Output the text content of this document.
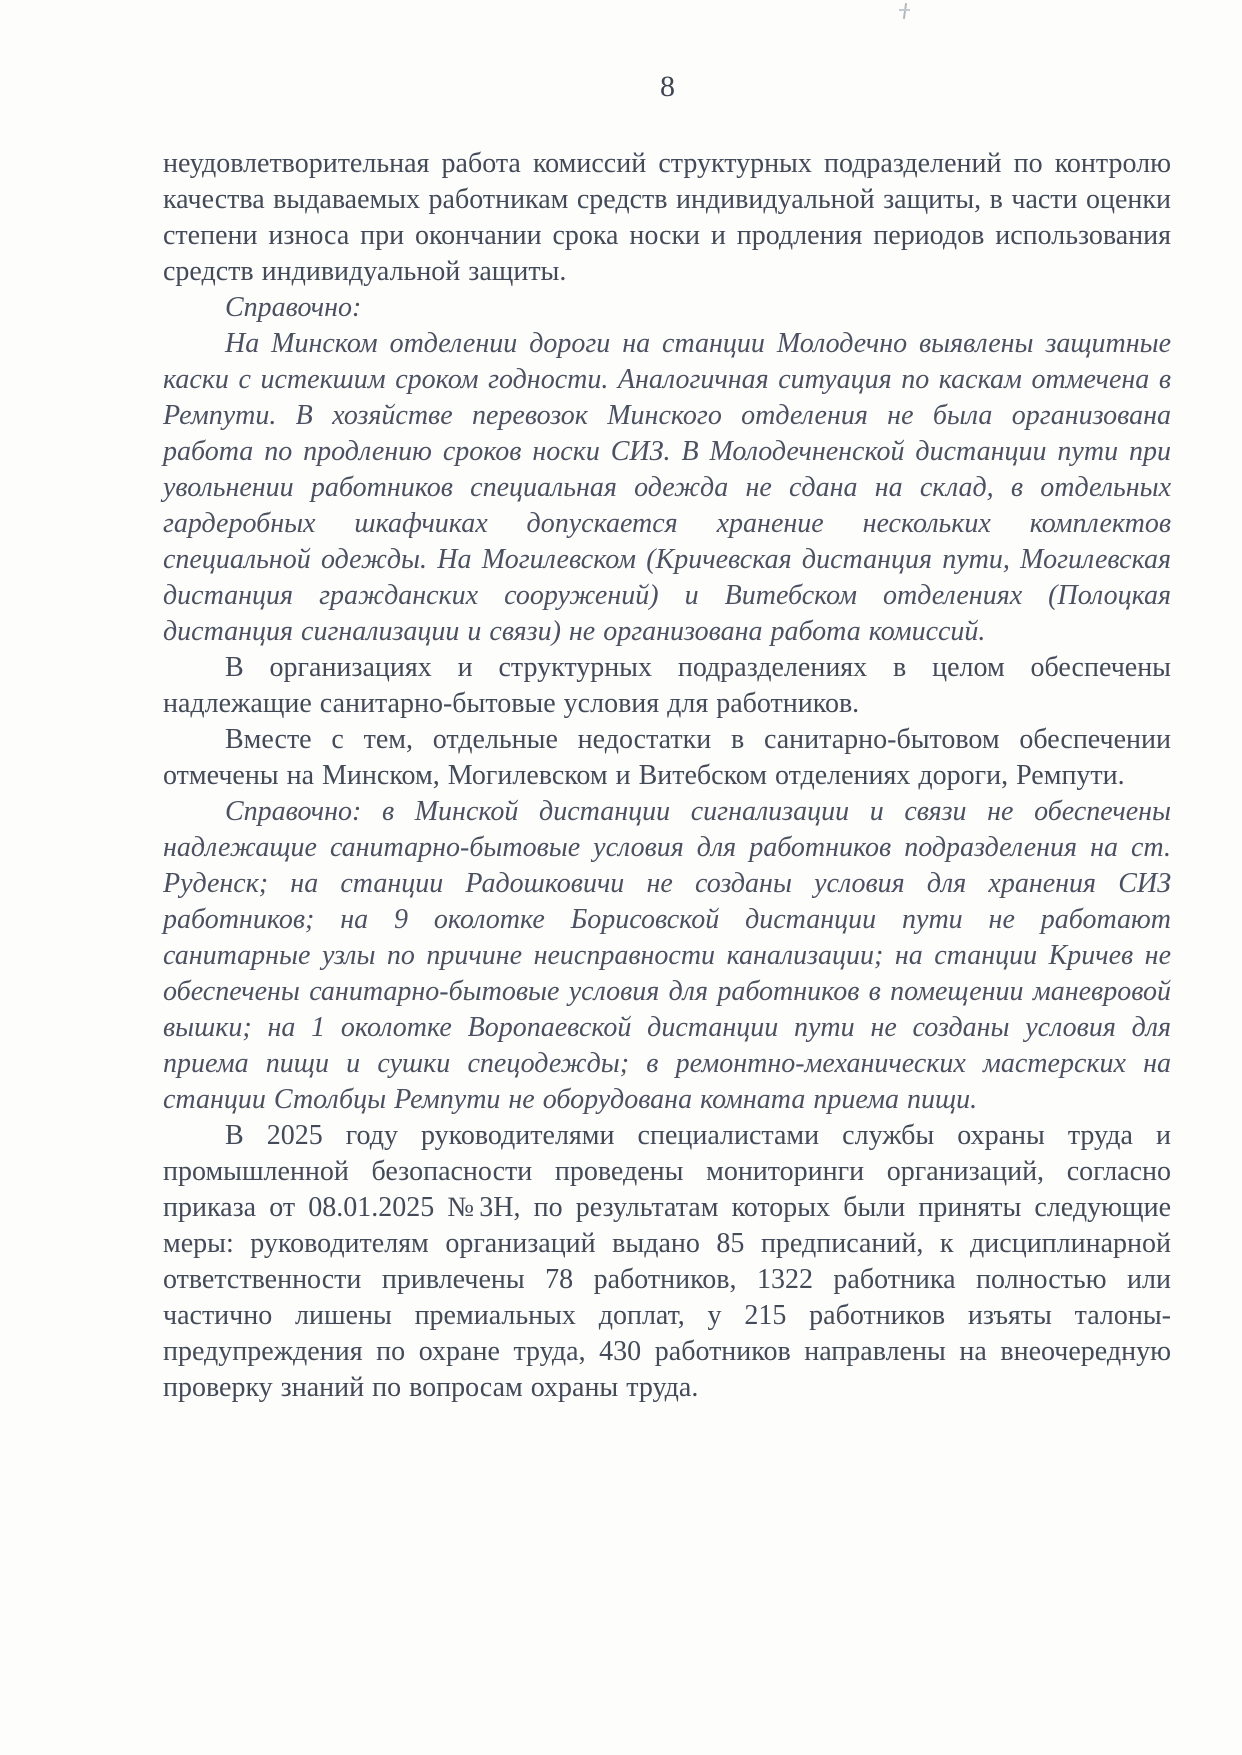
8

неудовлетворительная работа комиссий структурных подразделений по контролю качества выдаваемых работникам средств индивидуальной защиты, в части оценки степени износа при окончании срока носки и продления периодов использования средств индивидуальной защиты.

Справочно:

На Минском отделении дороги на станции Молодечно выявлены защитные каски с истекшим сроком годности. Аналогичная ситуация по каскам отмечена в Ремпути. В хозяйстве перевозок Минского отделения не была организована работа по продлению сроков носки СИЗ. В Молодечненской дистанции пути при увольнении работников специальная одежда не сдана на склад, в отдельных гардеробных шкафчиках допускается хранение нескольких комплектов специальной одежды. На Могилевском (Кричевская дистанция пути, Могилевская дистанция гражданских сооружений) и Витебском отделениях (Полоцкая дистанция сигнализации и связи) не организована работа комиссий.

В организациях и структурных подразделениях в целом обеспечены надлежащие санитарно-бытовые условия для работников.

Вместе с тем, отдельные недостатки в санитарно-бытовом обеспечении отмечены на Минском, Могилевском и Витебском отделениях дороги, Ремпути.

Справочно: в Минской дистанции сигнализации и связи не обеспечены надлежащие санитарно-бытовые условия для работников подразделения на ст. Руденск; на станции Радошковичи не созданы условия для хранения СИЗ работников; на 9 околотке Борисовской дистанции пути не работают санитарные узлы по причине неисправности канализации; на станции Кричев не обеспечены санитарно-бытовые условия для работников в помещении маневровой вышки; на 1 околотке Воропаевской дистанции пути не созданы условия для приема пищи и сушки спецодежды; в ремонтно-механических мастерских на станции Столбцы Ремпути не оборудована комната приема пищи.

В 2025 году руководителями специалистами службы охраны труда и промышленной безопасности проведены мониторинги организаций, согласно приказа от 08.01.2025 №3Н, по результатам которых были приняты следующие меры: руководителям организаций выдано 85 предписаний, к дисциплинарной ответственности привлечены 78 работников, 1322 работника полностью или частично лишены премиальных доплат, у 215 работников изъяты талоны-предупреждения по охране труда, 430 работников направлены на внеочередную проверку знаний по вопросам охраны труда.
